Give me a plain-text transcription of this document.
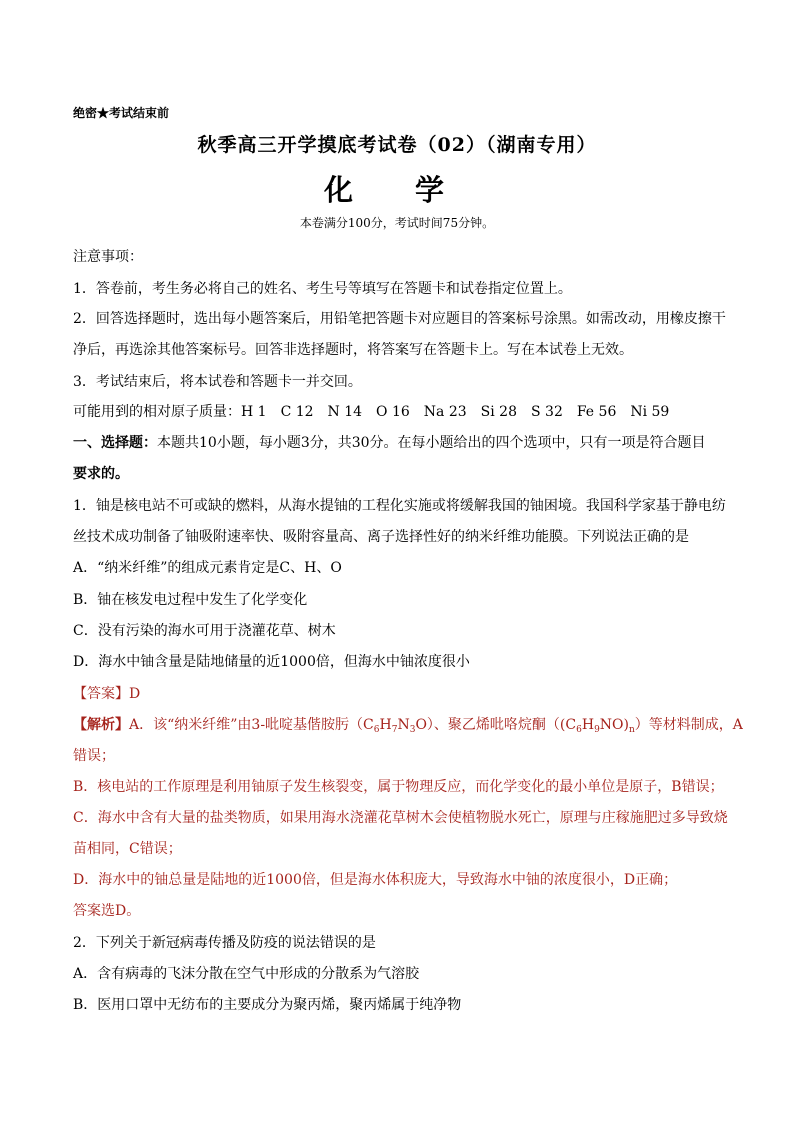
绝密★考试结束前
秋季高三开学摸底考试卷（02）（湖南专用）
化 学
本卷满分100分，考试时间75分钟。
注意事项：
1．答卷前，考生务必将自己的姓名、考生号等填写在答题卡和试卷指定位置上。
2．回答选择题时，选出每小题答案后，用铅笔把答题卡对应题目的答案标号涂黑。如需改动，用橡皮擦干
净后，再选涂其他答案标号。回答非选择题时，将答案写在答题卡上。写在本试卷上无效。
3．考试结束后，将本试卷和答题卡一并交回。
可能用到的相对原子质量：H 1　C 12　N 14　O 16　Na 23　Si 28　S 32　Fe 56　Ni 59
一、选择题：本题共10小题，每小题3分，共30分。在每小题给出的四个选项中，只有一项是符合题目
要求的。
1．铀是核电站不可或缺的燃料，从海水提铀的工程化实施或将缓解我国的铀困境。我国科学家基于静电纺
丝技术成功制备了铀吸附速率快、吸附容量高、离子选择性好的纳米纤维功能膜。下列说法正确的是
A．“纳米纤维”的组成元素肯定是C、H、O
B．铀在核发电过程中发生了化学变化
C．没有污染的海水可用于浇灌花草、树木
D．海水中铀含量是陆地储量的近1000倍，但海水中铀浓度很小
【答案】D
【解析】A．该“纳米纤维”由3-吡啶基偕胺肟$(C_6H_7N_3O)$、聚乙烯吡咯烷酮$((C_6H_9NO)_n)$等材料制成，A
错误；
B．核电站的工作原理是利用铀原子发生核裂变，属于物理反应，而化学变化的最小单位是原子，B错误；
C．海水中含有大量的盐类物质，如果用海水浇灌花草树木会使植物脱水死亡，原理与庄稼施肥过多导致烧
苗相同，C错误；
D．海水中的铀总量是陆地的近1000倍，但是海水体积庞大，导致海水中铀的浓度很小，D正确；
答案选D。
2．下列关于新冠病毒传播及防疫的说法错误的是
A．含有病毒的飞沫分散在空气中形成的分散系为气溶胶
B．医用口罩中无纺布的主要成分为聚丙烯，聚丙烯属于纯净物
